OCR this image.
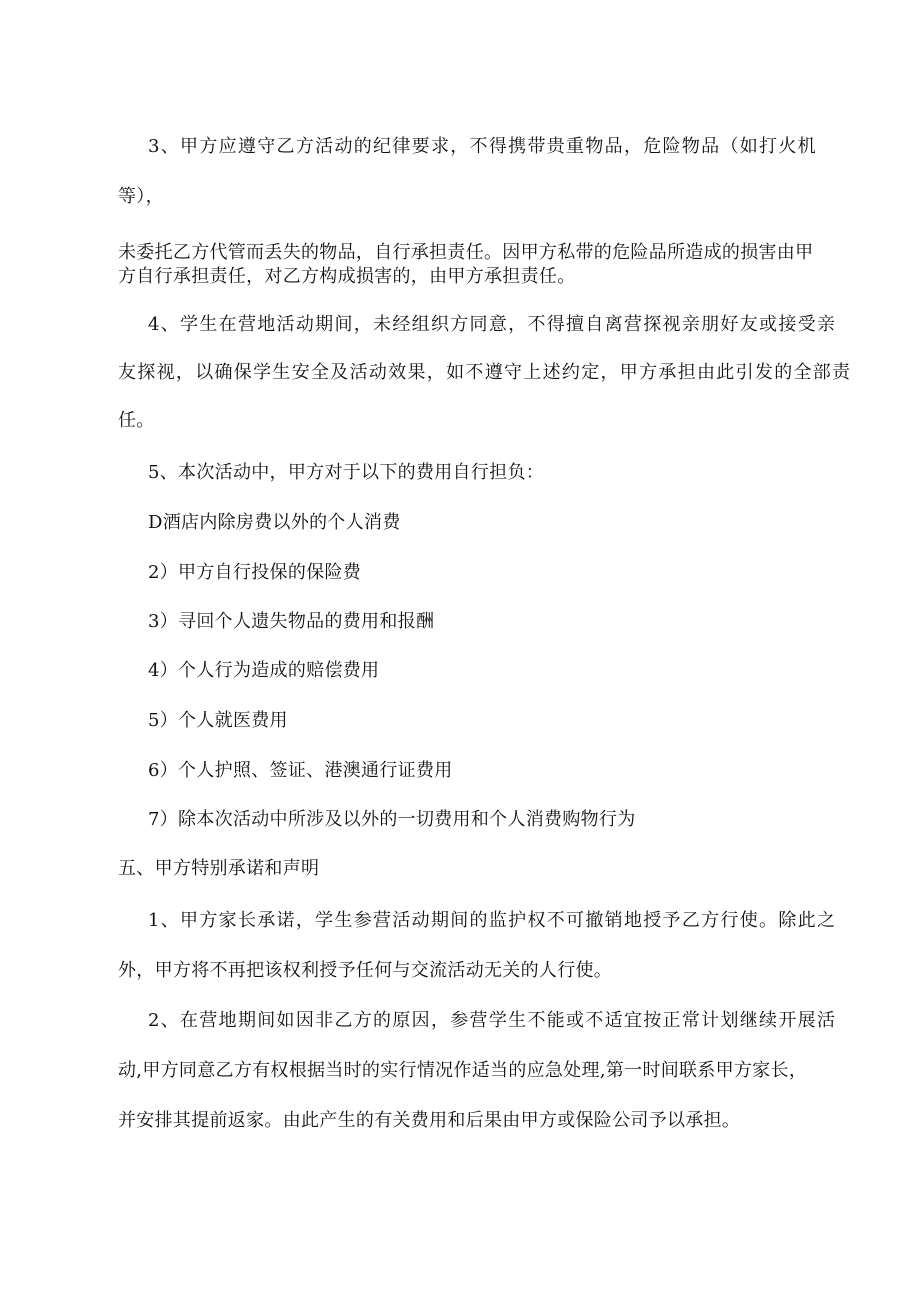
3、甲方应遵守乙方活动的纪律要求，不得携带贵重物品，危险物品（如打火机
等），
未委托乙方代管而丢失的物品，自行承担责任。因甲方私带的危险品所造成的损害由甲
方自行承担责任，对乙方构成损害的，由甲方承担责任。
4、学生在营地活动期间，未经组织方同意，不得擅自离营探视亲朋好友或接受亲
友探视，以确保学生安全及活动效果，如不遵守上述约定，甲方承担由此引发的全部责
任。
5、本次活动中，甲方对于以下的费用自行担负：
D酒店内除房费以外的个人消费
2）甲方自行投保的保险费
3）寻回个人遗失物品的费用和报酬
4）个人行为造成的赔偿费用
5）个人就医费用
6）个人护照、签证、港澳通行证费用
7）除本次活动中所涉及以外的一切费用和个人消费购物行为
五、甲方特别承诺和声明
1、甲方家长承诺，学生参营活动期间的监护权不可撤销地授予乙方行使。除此之
外，甲方将不再把该权利授予任何与交流活动无关的人行使。
2、在营地期间如因非乙方的原因，参营学生不能或不适宜按正常计划继续开展活
动,甲方同意乙方有权根据当时的实行情况作适当的应急处理,第一时间联系甲方家长，
并安排其提前返家。由此产生的有关费用和后果由甲方或保险公司予以承担。
